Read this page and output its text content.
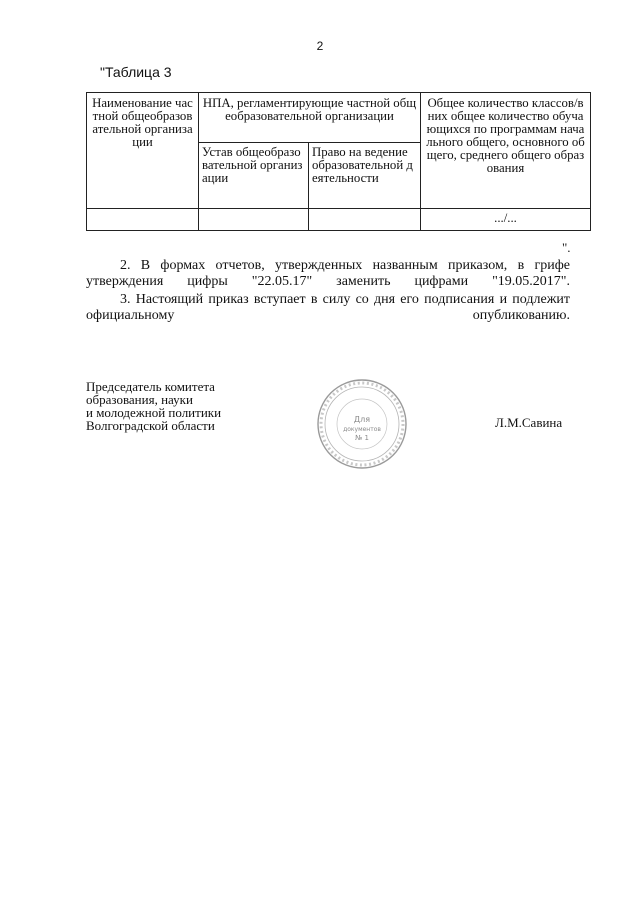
2
"Таблица 3
Наименование частной общеобразовательной организации	НПА, регламентирующие частной общеобразовательной организации		Общее количество классов/в них общее количество обучающихся по программам начального общего, основного общего, среднего общего образования
	Устав общеобразовательной организации	Право на ведение образовательной деятельности	
			.../...
".
2. В формах отчетов, утвержденных названным приказом, в грифе утверждения цифры "22.05.17" заменить цифрами "19.05.2017".
3. Настоящий приказ вступает в силу со дня его подписания и подлежит официальному опубликованию.
Председатель комитета
образования, науки
и молодежной политики
Волгоградской области	Для
документов
№ 1
Л.М.Савина
